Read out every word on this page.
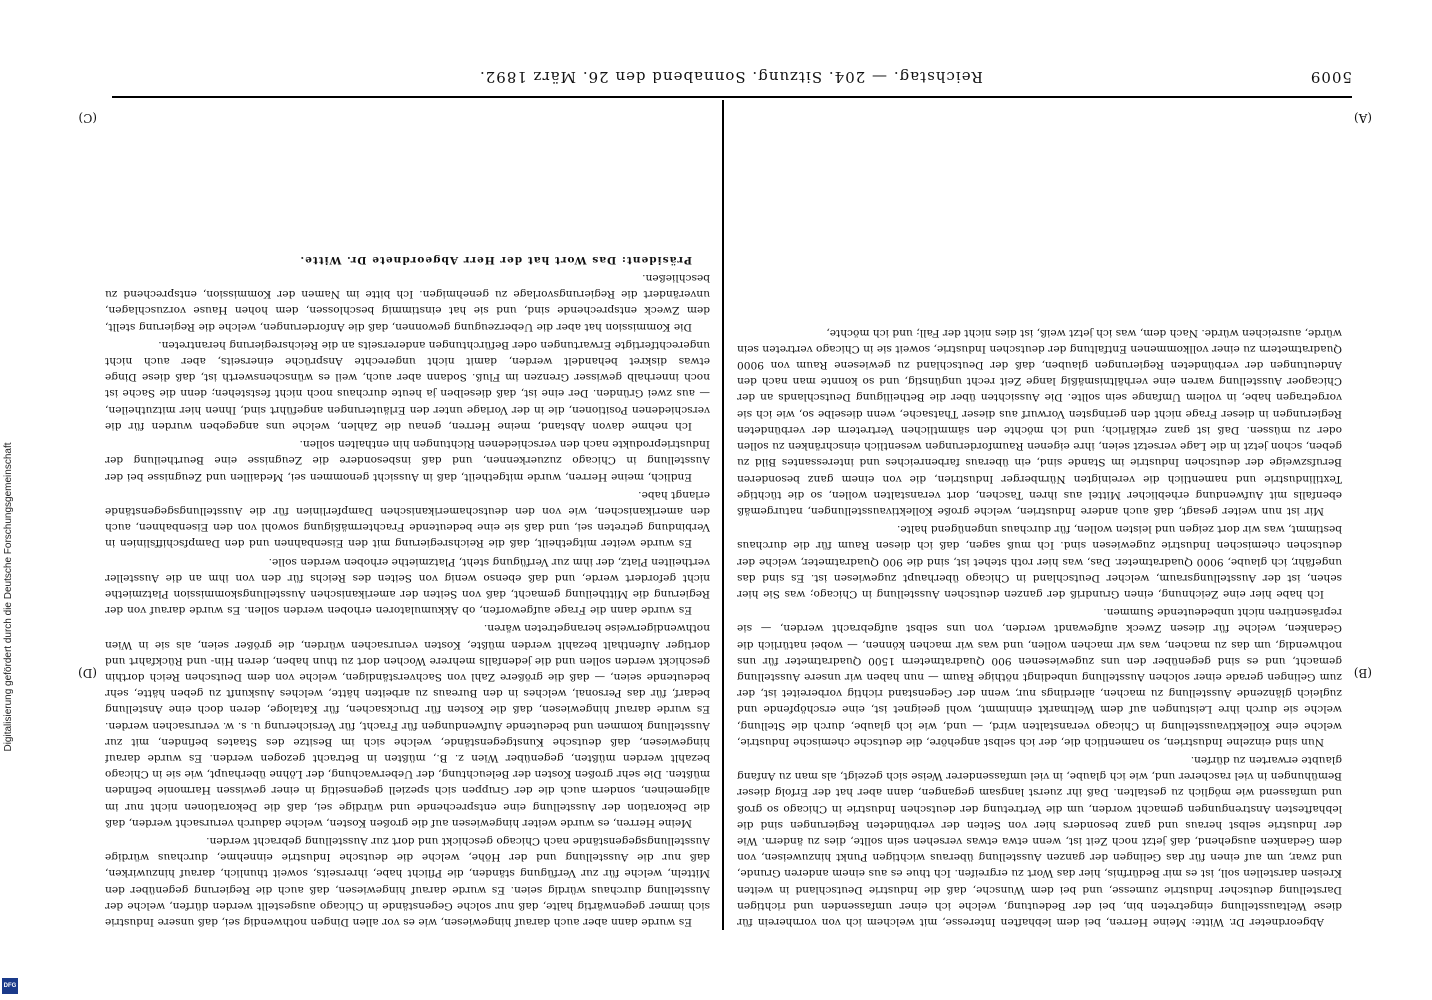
5009
Reichstag. — 204. Sitzung. Sonnabend den 26. März 1892.
(A)
(B)
(C)
(D)

Es wurde dann aber auch darauf hingewiesen, wie es vor allen Dingen nothwendig sei, daß unsere Industrie sich immer gegenwärtig halte, daß nur solche Gegenstände in Chicago ausgestellt werden dürfen, welche der Ausstellung durchaus würdig seien. Es wurde darauf hingewiesen, daß auch die Regierung gegenüber den Mitteln, welche für zur Verfügung ständen, die Pflicht habe, ihrerseits, soweit thunlich, darauf hinzuwirken, daß nur die Ausstellung und der Höhe, welche die deutsche Industrie einnehme, durchaus würdige Ausstellungsgegenstände nach Chicago geschickt und dort zur Ausstellung gebracht werden.

Meine Herren, es wurde weiter hingewiesen auf die großen Kosten, welche dadurch verursacht werden, daß die Dekoration der Ausstellung eine entsprechende und würdige sei, daß die Dekorationen nicht nur im allgemeinen, sondern auch die der Gruppen sich speziell gegenseitig in einer gewissen Harmonie befinden müßten. Die sehr großen Kosten der Beleuchtung, der Ueberwachung, der Löhne überhaupt, wie sie in Chicago bezahlt werden müßten, gegenüber Wien z. B., müßten in Betracht gezogen werden. Es wurde darauf hingewiesen, daß deutsche Kunstgegenstände, welche sich im Besitze des Staates befinden, mit zur Ausstellung kommen und bedeutende Aufwendungen für Fracht, für Versicherung u. s. w. verursachen werden. Es wurde darauf hingewiesen, daß die Kosten für Drucksachen, für Kataloge, deren doch eine Anstellung bedarf, für das Personal, welches in den Bureaus zu arbeiten hätte, welches Auskunft zu geben hätte, sehr bedeutende seien, — daß die größere Zahl von Sachverständigen, welche von dem Deutschen Reich dorthin geschickt werden sollen und die jedenfalls mehrere Wochen dort zu thun haben, deren Hin- und Rückfahrt und dortiger Aufenthalt bezahlt werden müßte, Kosten verursachen würden, die größer seien, als sie in Wien nothwendigerweise herangetreten wären.

Es wurde dann die Frage aufgeworfen, ob Akkumulatoren erhoben werden sollen. Es wurde darauf von der Regierung die Mittheilung gemacht, daß von Seiten der amerikanischen Ausstellungskommission Platzmiethe nicht gefordert werde, und daß ebenso wenig von Seiten des Reichs für den von ihm an die Aussteller vertheilten Platz, der ihm zur Verfügung steht, Platzmiethe erhoben werden solle.

Es wurde weiter mitgetheilt, daß die Reichsregierung mit den Eisenbahnen und den Dampfschiffslinien in Verbindung getreten sei, und daß sie eine bedeutende Frachtermäßigung sowohl von den Eisenbahnen, auch den amerikanischen, wie von den deutschamerikanischen Dampferlinien für die Ausstellungsgegenstände erlangt habe.

Endlich, meine Herren, wurde mitgetheilt, daß in Aussicht genommen sei, Medaillen und Zeugnisse bei der Ausstellung in Chicago zuzuerkennen, und daß insbesondere die Zeugnisse eine Beurtheilung der Industrieprodukte nach den verschiedenen Richtungen hin enthalten sollen.

Ich nehme davon Abstand, meine Herren, genau die Zahlen, welche uns angegeben wurden für die verschiedenen Positionen, die in der Vorlage unter den Erläuterungen angeführt sind, Ihnen hier mitzutheilen, — aus zwei Gründen. Der eine ist, daß dieselben ja heute durchaus noch nicht feststehen; denn die Sache ist noch innerhalb gewisser Grenzen im Fluß. Sodann aber auch, weil es wünschenswerth ist, daß diese Dinge etwas diskret behandelt werden, damit nicht ungerechte Ansprüche einerseits, aber auch nicht ungerechtfertigte Erwartungen oder Befürchtungen andererseits an die Reichsregierung herantreten.

Die Kommission hat aber die Ueberzeugung gewonnen, daß die Anforderungen, welche die Regierung stellt, dem Zweck entsprechende sind, und sie hat einstimmig beschlossen, dem hohen Hause vorzuschlagen, unverändert die Regierungsvorlage zu genehmigen. Ich bitte im Namen der Kommission, entsprechend zu beschließen.

Präsident: Das Wort hat der Herr Abgeordnete Dr. Witte.

Abgeordneter Dr. Witte: Meine Herren, bei dem lebhaften Interesse, mit welchem ich von vornherein für diese Weltausstellung eingetreten bin, bei der Bedeutung, welche ich einer umfassenden und richtigen Darstellung deutscher Industrie zumesse, und bei dem Wunsche, daß die Industrie Deutschland in weiten Kreisen darstellen soll, ist es mir Bedürfnis, hier das Wort zu ergreifen. Ich thue es aus einem anderen Grunde, und zwar, um auf einen für das Gelingen der ganzen Ausstellung überaus wichtigen Punkt hinzuweisen, von dem Gedanken ausgehend, daß jetzt noch Zeit ist, wenn etwa etwas versehen sein sollte, dies zu ändern. Wie der Industrie selbst heraus und ganz besonders hier von Seiten der verbündeten Regierungen sind die lebhaftesten Anstrengungen gemacht worden, um die Vertretung der deutschen Industrie in Chicago so groß und umfassend wie möglich zu gestalten. Daß ihr zuerst langsam gegangen, dann aber hat der Erfolg dieser Bemühungen in viel rascherer und, wie ich glaube, in viel umfassenderer Weise sich gezeigt, als man zu Anfang glaubte erwarten zu dürfen.

Nun sind einzelne Industrien, so namentlich die, der ich selbst angehöre, die deutsche chemische Industrie, welche eine Kollektivausstellung in Chicago veranstalten wird, — und, wie ich glaube, durch die Stellung, welche sie durch ihre Leistungen auf dem Weltmarkt einnimmt, wohl geeignet ist, eine erschöpfende und zugleich glänzende Ausstellung zu machen, allerdings nur, wenn der Gegenstand richtig vorbereitet ist, der zum Gelingen gerade einer solchen Ausstellung unbedingt nöthige Raum — nun haben wir unsere Ausstellung gemacht, und es sind gegenüber den uns zugewiesenen 900 Quadratmetern 1500 Quadratmeter für uns nothwendig, um das zu machen, was wir machen wollen, und was wir machen können, — wobei natürlich die Gedanken, welche für diesen Zweck aufgewandt werden, von uns selbst aufgebracht werden, — sie repräsentiren nicht unbedeutende Summen.

Ich habe hier eine Zeichnung, einen Grundriß der ganzen deutschen Ausstellung in Chicago; was Sie hier sehen, ist der Ausstellungsraum, welcher Deutschland in Chicago überhaupt zugewiesen ist. Es sind das ungefähr, ich glaube, 9000 Quadratmeter. Das, was hier roth stehet ist, sind die 900 Quadratmeter, welche der deutschen chemischen Industrie zugewiesen sind. Ich muß sagen, daß ich diesen Raum für die durchaus bestimmt, was wir dort zeigen und leisten wollen, für durchaus ungenügend halte.

Mir ist nun weiter gesagt, daß auch andere Industrien, welche große Kollektivausstellungen, naturgemäß ebenfalls mit Aufwendung erheblicher Mittel aus ihren Taschen, dort veranstalten wollen, so die tüchtige Textilindustrie und namentlich die vereinigten Nürnberger Industrien, die von einem ganz besonderen Berufszweige der deutschen Industrie im Stande sind, ein überaus farbenreiches und interessantes Bild zu geben, schon jetzt in die Lage versetzt seien, ihre eigenen Raumforderungen wesentlich einschränken zu sollen oder zu müssen. Daß ist ganz erklärlich; und ich möchte den sämmtlichen Vertretern der verbündeten Regierungen in dieser Frage nicht den geringsten Vorwurf aus dieser Thatsache, wenn dieselbe so, wie ich sie vorgetragen habe, in vollem Umfange sein sollte. Die Aussichten über die Betheiligung Deutschlands an der Chicagoer Ausstellung waren eine verhältnismäßig lange Zeit recht ungünstig, und so konnte man nach den Andeutungen der verbündeten Regierungen glauben, daß der Deutschland zu gewiesene Raum von 9000 Quadratmetern zu einer vollkommenen Entfaltung der deutschen Industrie, soweit sie in Chicago vertreten sein würde, ausreichen würde. Nach dem, was ich jetzt weiß, ist dies nicht der Fall; und ich möchte,

DFG
Digitalisierung gefördert durch die Deutsche Forschungsgemeinschaft
